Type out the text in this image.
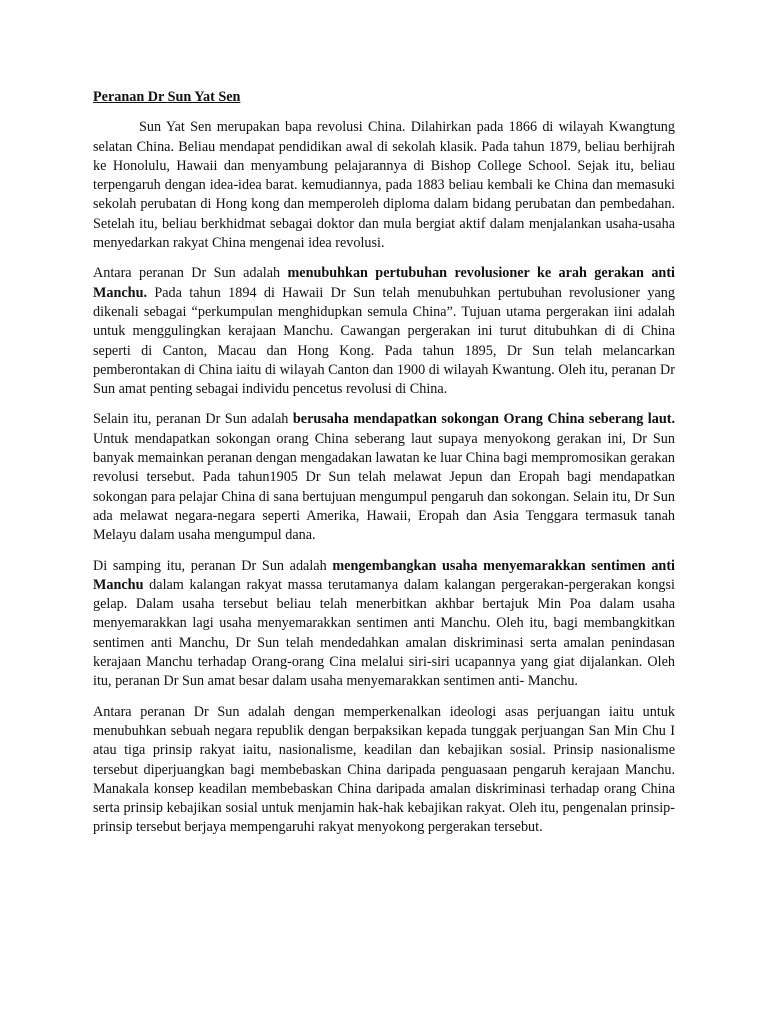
Peranan Dr Sun Yat Sen

Sun Yat Sen merupakan bapa revolusi China. Dilahirkan pada 1866 di wilayah Kwangtung selatan China. Beliau mendapat pendidikan awal di sekolah klasik. Pada tahun 1879, beliau berhijrah ke Honolulu, Hawaii dan menyambung pelajarannya di Bishop College School. Sejak itu, beliau terpengaruh dengan idea-idea barat. kemudiannya, pada 1883 beliau kembali ke China dan memasuki sekolah perubatan di Hong kong dan memperoleh diploma dalam bidang perubatan dan pembedahan. Setelah itu, beliau berkhidmat sebagai doktor dan mula bergiat aktif dalam menjalankan usaha-usaha menyedarkan rakyat China mengenai idea revolusi.

Antara peranan Dr Sun adalah menubuhkan pertubuhan revolusioner ke arah gerakan anti Manchu. Pada tahun 1894 di Hawaii Dr Sun telah menubuhkan pertubuhan revolusioner yang dikenali sebagai “perkumpulan menghidupkan semula China”. Tujuan utama pergerakan iini adalah untuk menggulingkan kerajaan Manchu. Cawangan pergerakan ini turut ditubuhkan di di China seperti di Canton, Macau dan Hong Kong. Pada tahun 1895, Dr Sun telah melancarkan pemberontakan di China iaitu di wilayah Canton dan 1900 di wilayah Kwantung. Oleh itu, peranan Dr Sun amat penting sebagai individu pencetus revolusi di China.

Selain itu, peranan Dr Sun adalah berusaha mendapatkan sokongan Orang China seberang laut. Untuk mendapatkan sokongan orang China seberang laut supaya menyokong gerakan ini, Dr Sun banyak memainkan peranan dengan mengadakan lawatan ke luar China bagi mempromosikan gerakan revolusi tersebut. Pada tahun1905 Dr Sun telah melawat Jepun dan Eropah bagi mendapatkan sokongan para pelajar China di sana bertujuan mengumpul pengaruh dan sokongan. Selain itu, Dr Sun ada melawat negara-negara seperti Amerika, Hawaii, Eropah dan Asia Tenggara termasuk tanah Melayu dalam usaha mengumpul dana.

Di samping itu, peranan Dr Sun adalah mengembangkan usaha menyemarakkan sentimen anti Manchu dalam kalangan rakyat massa terutamanya dalam kalangan pergerakan-pergerakan kongsi gelap. Dalam usaha tersebut beliau telah menerbitkan akhbar bertajuk Min Poa dalam usaha menyemarakkan lagi usaha menyemarakkan sentimen anti Manchu. Oleh itu, bagi membangkitkan sentimen anti Manchu, Dr Sun telah mendedahkan amalan diskriminasi serta amalan penindasan kerajaan Manchu terhadap Orang-orang Cina melalui siri-siri ucapannya yang giat dijalankan. Oleh itu, peranan Dr Sun amat besar dalam usaha menyemarakkan sentimen anti- Manchu.

Antara peranan Dr Sun adalah dengan memperkenalkan ideologi asas perjuangan iaitu untuk menubuhkan sebuah negara republik dengan berpaksikan kepada tunggak perjuangan San Min Chu I atau tiga prinsip rakyat iaitu, nasionalisme, keadilan dan kebajikan sosial. Prinsip nasionalisme tersebut diperjuangkan bagi membebaskan China daripada penguasaan pengaruh kerajaan Manchu. Manakala konsep keadilan membebaskan China daripada amalan diskriminasi terhadap orang China serta prinsip kebajikan sosial untuk menjamin hak-hak kebajikan rakyat. Oleh itu, pengenalan prinsip-prinsip tersebut berjaya mempengaruhi rakyat menyokong pergerakan tersebut.
